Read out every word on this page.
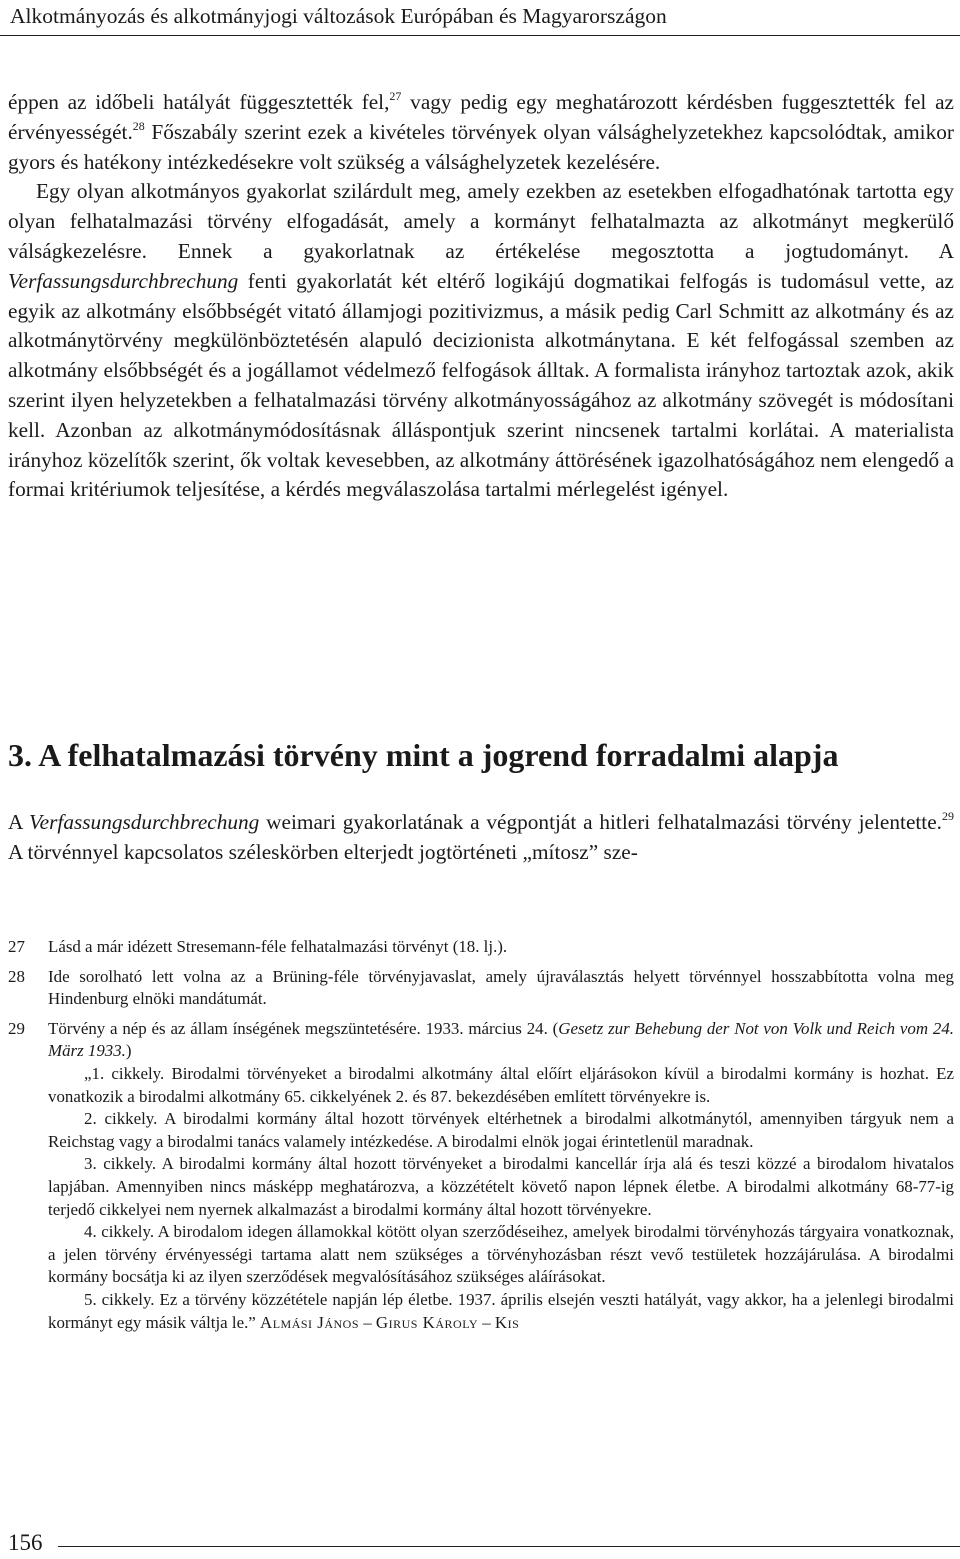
Alkotmányozás és alkotmányjogi változások Európában és Magyarországon

éppen az időbeli hatályát függesztették fel,$^{27}$ vagy pedig egy meghatározott kérdésben fuggesztették fel az érvényességét.$^{28}$ Főszabály szerint ezek a kivételes törvények olyan válsághelyzetekhez kapcsolódtak, amikor gyors és hatékony intézkedésekre volt szükség a válsághelyzetek kezelésére.

Egy olyan alkotmányos gyakorlat szilárdult meg, amely ezekben az esetekben elfogadhatónak tartotta egy olyan felhatalmazási törvény elfogadását, amely a kormányt felhatalmazta az alkotmányt megkerülő válságkezelésre. Ennek a gyakorlatnak az értékelése megosztotta a jogtudományt. A Verfassungsdurchbrechung fenti gyakorlatát két eltérő logikájú dogmatikai felfogás is tudomásul vette, az egyik az alkotmány elsőbbségét vitató államjogi pozitivizmus, a másik pedig Carl Schmitt az alkotmány és az alkotmánytörvény megkülönböztetésén alapuló decizionista alkotmánytana. E két felfogással szemben az alkotmány elsőbbségét és a jogállamot védelmező felfogások álltak. A formalista irányhoz tartoztak azok, akik szerint ilyen helyzetekben a felhatalmazási törvény alkotmányosságához az alkotmány szövegét is módosítani kell. Azonban az alkotmánymódosításnak álláspontjuk szerint nincsenek tartalmi korlátai. A materialista irányhoz közelítők szerint, ők voltak kevesebben, az alkotmány áttörésének igazolhatóságához nem elengedő a formai kritériumok teljesítése, a kérdés megválaszolása tartalmi mérlegelést igényel.

3. A felhatalmazási törvény mint a jogrend forradalmi alapja

A Verfassungsdurchbrechung weimari gyakorlatának a végpontját a hitleri felhatalmazási törvény jelentette.$^{29}$ A törvénnyel kapcsolatos széleskörben elterjedt jogtörténeti „mítosz” sze-

27 Lásd a már idézett Stresemann-féle felhatalmazási törvényt (18. lj.).

28 Ide sorolható lett volna az a Brüning-féle törvényjavaslat, amely újraválasztás helyett törvénnyel hosszabbította volna meg Hindenburg elnöki mandátumát.

29 Törvény a nép és az állam ínségének megszüntetésére. 1933. március 24. (Gesetz zur Behebung der Not von Volk und Reich vom 24. März 1933.)

„1. cikkely. Birodalmi törvényeket a birodalmi alkotmány által előírt eljárásokon kívül a birodalmi kormány is hozhat. Ez vonatkozik a birodalmi alkotmány 65. cikkelyének 2. és 87. bekezdésében említett törvényekre is.

2. cikkely. A birodalmi kormány által hozott törvények eltérhetnek a birodalmi alkotmánytól, amennyiben tárgyuk nem a Reichstag vagy a birodalmi tanács valamely intézkedése. A birodalmi elnök jogai érintetlenül maradnak.

3. cikkely. A birodalmi kormány által hozott törvényeket a birodalmi kancellár írja alá és teszi közzé a birodalom hivatalos lapjában. Amennyiben nincs másképp meghatározva, a közzétételt követő napon lépnek életbe. A birodalmi alkotmány 68-77-ig terjedő cikkelyei nem nyernek alkalmazást a birodalmi kormány által hozott törvényekre.

4. cikkely. A birodalom idegen államokkal kötött olyan szerződéseihez, amelyek birodalmi törvényhozás tárgyaira vonatkoznak, a jelen törvény érvényességi tartama alatt nem szükséges a törvényhozásban részt vevő testületek hozzájárulása. A birodalmi kormány bocsátja ki az ilyen szerződések megvalósításához szükséges aláírásokat.

5. cikkely. Ez a törvény közzététele napján lép életbe. 1937. április elsején veszti hatályát, vagy akkor, ha a jelenlegi birodalmi kormányt egy másik váltja le.” Almási János – Girus Károly – Kis

156
